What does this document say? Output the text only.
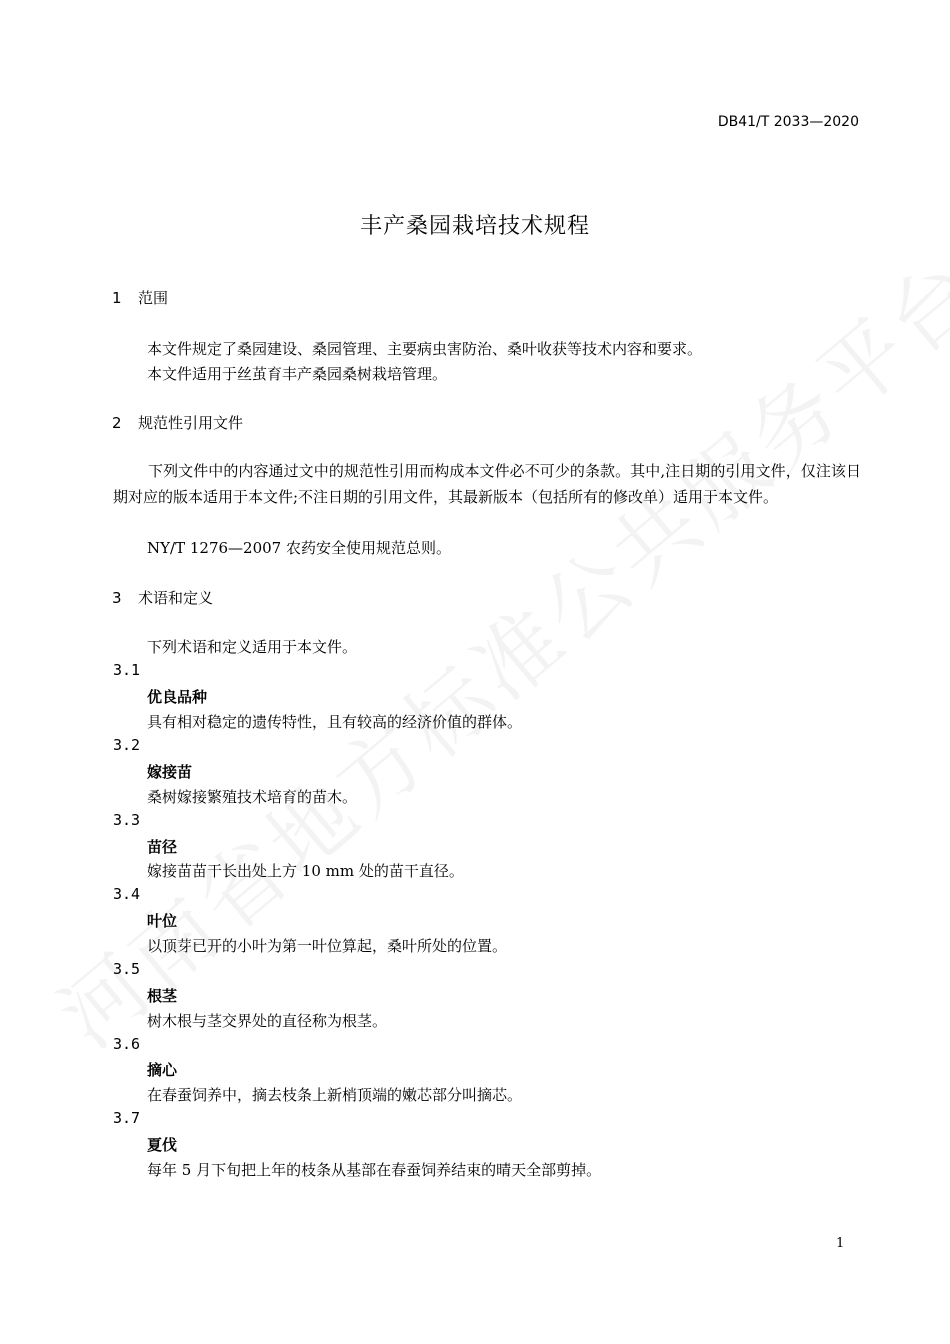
DB41/T 2033—2020
丰产桑园栽培技术规程
1 范围
本文件规定了桑园建设、桑园管理、主要病虫害防治、桑叶收获等技术内容和要求。
本文件适用于丝茧育丰产桑园桑树栽培管理。
2 规范性引用文件
下列文件中的内容通过文中的规范性引用而构成本文件必不可少的条款。其中,注日期的引用文件，仅注该日期对应的版本适用于本文件;不注日期的引用文件，其最新版本（包括所有的修改单）适用于本文件。
NY/T 1276—2007 农药安全使用规范总则。
3 术语和定义
下列术语和定义适用于本文件。
3.1
优良品种
具有相对稳定的遗传特性，且有较高的经济价值的群体。
3.2
嫁接苗
桑树嫁接繁殖技术培育的苗木。
3.3
苗径
嫁接苗苗干长出处上方 10 mm 处的苗干直径。
3.4
叶位
以顶芽已开的小叶为第一叶位算起，桑叶所处的位置。
3.5
根茎
树木根与茎交界处的直径称为根茎。
3.6
摘心
在春蚕饲养中，摘去枝条上新梢顶端的嫩芯部分叫摘芯。
3.7
夏伐
每年 5 月下旬把上年的枝条从基部在春蚕饲养结束的晴天全部剪掉。
1
